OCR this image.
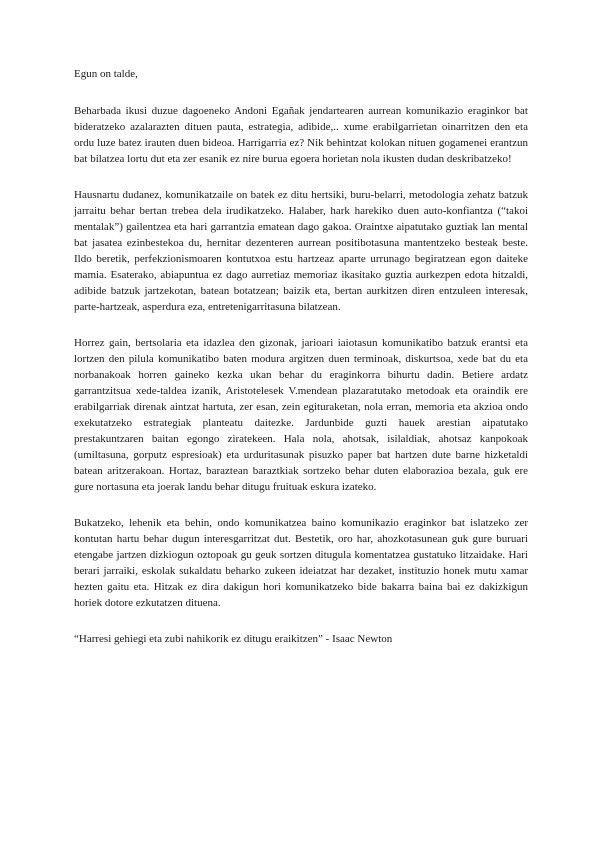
Egun on talde,

Beharbada ikusi duzue dagoeneko Andoni Egañak jendartearen aurrean komunikazio eraginkor bat bideratzeko azalarazten dituen pauta, estrategia, adibide,.. xume erabilgarrietan oinarritzen den eta ordu luze batez irauten duen bideoa. Harrigarria ez? Nik behintzat kolokan nituen gogamenei erantzun bat bilatzea lortu dut eta zer esanik ez nire burua egoera horietan nola ikusten dudan deskribatzeko!

Hausnartu dudanez, komunikatzaile on batek ez ditu hertsiki, buru-belarri, metodologia zehatz batzuk jarraitu behar bertan trebea dela irudikatzeko. Halaber, hark harekiko duen auto-konfiantza (“takoi mentalak”) gailentzea eta hari garrantzia ematean dago gakoa. Oraintxe aipatutako guztiak lan mental bat jasatea ezinbestekoa du, hernitar dezenteren aurrean positibotasuna mantentzeko besteak beste. Ildo beretik, perfekzionismoaren kontutxoa estu hartzeaz aparte urrunago begiratzean egon daiteke mamia. Esaterako, abiapuntua ez dago aurretiaz memoriaz ikasitako guztia aurkezpen edota hitzaldi, adibide batzuk jartzekotan, batean botatzean; baizik eta, bertan aurkitzen diren entzuleen interesak, parte-hartzeak, asperdura eza, entretenigarritasuna bilatzean.

Horrez gain, bertsolaria eta idazlea den gizonak, jarioari iaiotasun komunikatibo batzuk erantsi eta lortzen den pilula komunikatibo baten modura argitzen duen terminoak, diskurtsoa, xede bat du eta norbanakoak horren gaineko kezka ukan behar du eraginkorra bihurtu dadin. Betiere ardatz garrantzitsua xede-taldea izanik, Aristotelesek V.mendean plazaratutako metodoak eta oraindik ere erabilgarriak direnak aintzat hartuta, zer esan, zein egituraketan, nola erran, memoria eta akzioa ondo exekutatzeko estrategiak planteatu daitezke. Jardunbide guzti hauek arestian aipatutako prestakuntzaren baitan egongo ziratekeen. Hala nola, ahotsak, isilaldiak, ahotsaz kanpokoak (umiltasuna, gorputz espresioak) eta urduritasunak pisuzko paper bat hartzen dute barne hizketaldi batean aritzerakoan. Hortaz, baraztean baraztkiak sortzeko behar duten elaborazioa bezala, guk ere gure nortasuna eta joerak landu behar ditugu fruituak eskura izateko.

Bukatzeko, lehenik eta behin, ondo komunikatzea baino komunikazio eraginkor bat islatzeko zer kontutan hartu behar dugun interesgarritzat dut. Bestetik, oro har, ahozkotasunean guk gure buruari etengabe jartzen dizkiogun oztopoak gu geuk sortzen ditugula komentatzea gustatuko litzaidake. Hari berari jarraiki, eskolak sukaldatu beharko zukeen ideiatzat har dezaket, instituzio honek mutu xamar hezten gaitu eta. Hitzak ez dira dakigun hori komunikatzeko bide bakarra baina bai ez dakizkigun horiek dotore ezkutatzen dituena.

“Harresi gehiegi eta zubi nahikorik ez ditugu eraikitzen” - Isaac Newton
